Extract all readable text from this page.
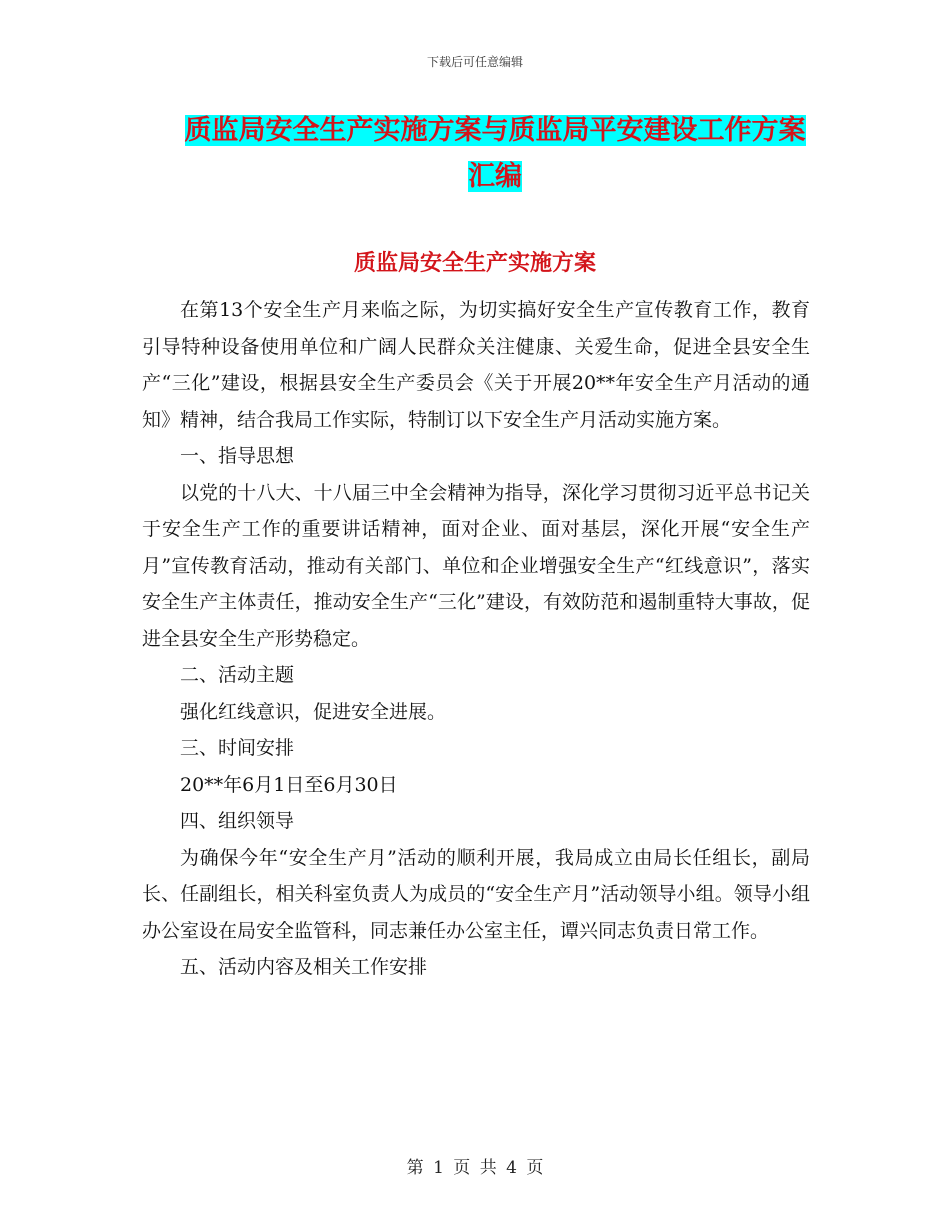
下载后可任意编辑
质监局安全生产实施方案与质监局平安建设工作方案
汇编
质监局安全生产实施方案

在第13个安全生产月来临之际，为切实搞好安全生产宣传教育工作，教育引导特种设备使用单位和广阔人民群众关注健康、关爱生命，促进全县安全生产“三化”建设，根据县安全生产委员会《关于开展20**年安全生产月活动的通知》精神，结合我局工作实际，特制订以下安全生产月活动实施方案。

一、指导思想

以党的十八大、十八届三中全会精神为指导，深化学习贯彻习近平总书记关于安全生产工作的重要讲话精神，面对企业、面对基层，深化开展“安全生产月”宣传教育活动，推动有关部门、单位和企业增强安全生产“红线意识”，落实安全生产主体责任，推动安全生产“三化”建设，有效防范和遏制重特大事故，促进全县安全生产形势稳定。

二、活动主题

强化红线意识，促进安全进展。

三、时间安排

20**年6月1日至6月30日

四、组织领导

为确保今年“安全生产月”活动的顺利开展，我局成立由局长任组长，副局长、任副组长，相关科室负责人为成员的“安全生产月”活动领导小组。领导小组办公室设在局安全监管科，同志兼任办公室主任，谭兴同志负责日常工作。

五、活动内容及相关工作安排

第 1 页 共 4 页
